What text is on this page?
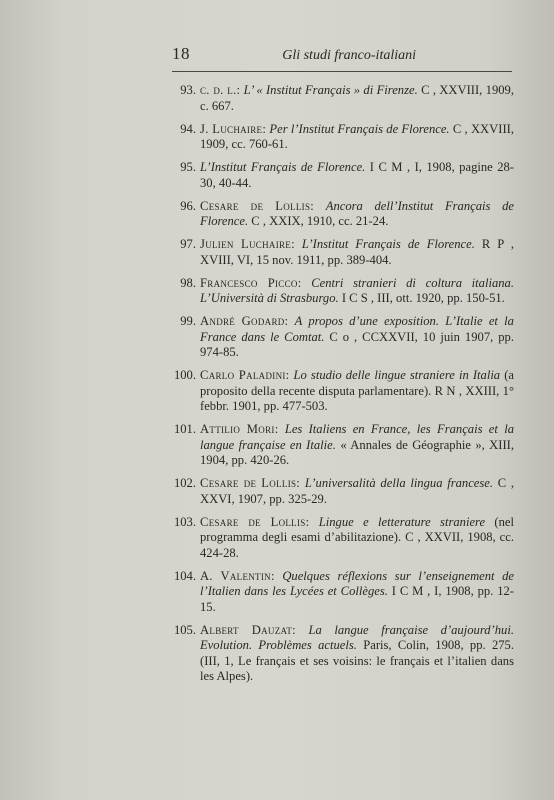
18	Gli studi franco-italiani
93. c. d. l.: L’ « Institut Français » di Firenze. C , XXVIII, 1909, c. 667.
94. J. Luchaire: Per l’Institut Français de Florence. C , XXVIII, 1909, cc. 760-61.
95. L’Institut Français de Florence. I C M , I, 1908, pagine 28-30, 40-44.
96. Cesare de Lollis: Ancora dell’Institut Français de Florence. C , XXIX, 1910, cc. 21-24.
97. Julien Luchaire: L’Institut Français de Florence. R P , XVIII, VI, 15 nov. 1911, pp. 389-404.
98. Francesco Picco: Centri stranieri di coltura italiana. L’Università di Strasburgo. I C S , III, ott. 1920, pp. 150-51.
99. André Godard: A propos d’une exposition. L’Italie et la France dans le Comtat. C o , CCXXVII, 10 juin 1907, pp. 974-85.
100. Carlo Paladini: Lo studio delle lingue straniere in Italia (a proposito della recente disputa parlamentare). R N , XXIII, 1° febbr. 1901, pp. 477-503.
101. Attilio Mori: Les Italiens en France, les Français et la langue française en Italie. « Annales de Géographie », XIII, 1904, pp. 420-26.
102. Cesare de Lollis: L’universalità della lingua francese. C , XXVI, 1907, pp. 325-29.
103. Cesare de Lollis: Lingue e letterature straniere (nel programma degli esami d’abilitazione). C , XXVII, 1908, cc. 424-28.
104. A. Valentin: Quelques réflexions sur l’enseignement de l’Italien dans les Lycées et Collèges. I C M , I, 1908, pp. 12-15.
105. Albert Dauzat: La langue française d’aujourd’hui. Evolution. Problèmes actuels. Paris, Colin, 1908, pp. 275. (III, 1, Le français et ses voisins: le français et l’italien dans les Alpes).
